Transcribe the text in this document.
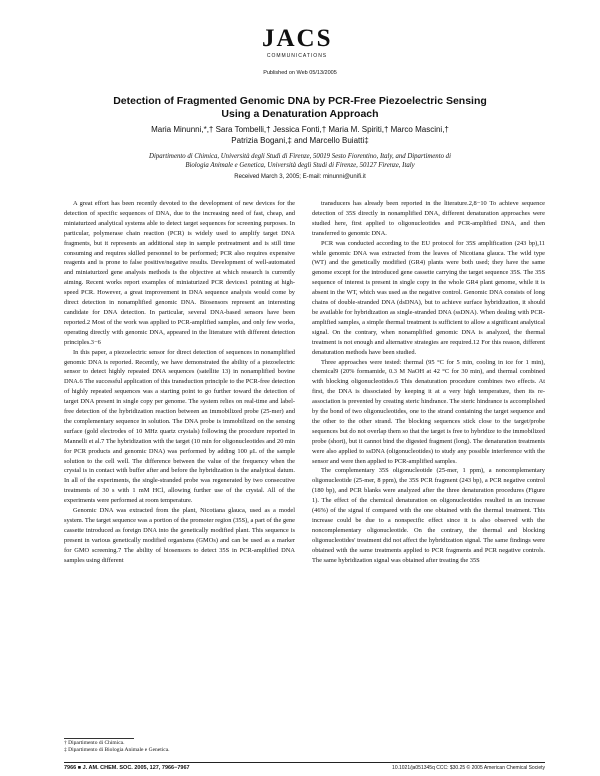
JACS
COMMUNICATIONS
Published on Web 05/13/2005
Detection of Fragmented Genomic DNA by PCR-Free Piezoelectric Sensing
Using a Denaturation Approach
Maria Minunni,*,† Sara Tombelli,† Jessica Fonti,† Maria M. Spiriti,† Marco Mascini,†
Patrizia Bogani,‡ and Marcello Buiatti‡
Dipartimento di Chimica, Università degli Studi di Firenze, 50019 Sesto Fiorentino, Italy, and Dipartimento di
Biologia Animale e Genetica, Università degli Studi di Firenze, 50127 Firenze, Italy
Received March 3, 2005; E-mail: minunni@unifi.it

A great effort has been recently devoted to the development of new devices for the detection of specific sequences of DNA, due to the increasing need of fast, cheap, and miniaturized analytical systems able to detect target sequences for screening purposes. In particular, polymerase chain reaction (PCR) is widely used to amplify target DNA fragments, but it represents an additional step in sample pretreatment and is still time consuming and requires skilled personnel to be performed; PCR also requires expensive reagents and is prone to false positive/negative results. Development of well-automated and miniaturized gene analysis methods is the objective at which research is currently aiming. Recent works report examples of miniaturized PCR devices1 pointing at high-speed PCR. However, a great improvement in DNA sequence analysis would come by direct detection in nonamplified genomic DNA. Biosensors represent an interesting candidate for DNA detection. In particular, several DNA-based sensors have been reported.2 Most of the work was applied to PCR-amplified samples, and only few works, operating directly with genomic DNA, appeared in the literature with different detection principles.3−6

In this paper, a piezoelectric sensor for direct detection of sequences in nonamplified genomic DNA is reported. Recently, we have demonstrated the ability of a piezoelectric sensor to detect highly repeated DNA sequences (satellite 13) in nonamplified bovine DNA.6 The successful application of this transduction principle to the PCR-free detection of highly repeated sequences was a starting point to go further toward the detection of target DNA present in single copy per genome. The system relies on real-time and label-free detection of the hybridization reaction between an immobilized probe (25-mer) and the complementary sequence in solution. The DNA probe is immobilized on the sensing surface (gold electrodes of 10 MHz quartz crystals) following the procedure reported in Mannelli et al.7 The hybridization with the target (10 min for oligonucleotides and 20 min for PCR products and genomic DNA) was performed by adding 100 μL of the sample solution to the cell well. The difference between the value of the frequency when the crystal is in contact with buffer after and before the hybridization is the analytical datum. In all of the experiments, the single-stranded probe was regenerated by two consecutive treatments of 30 s with 1 mM HCl, allowing further use of the crystal. All of the experiments were performed at room temperature.

Genomic DNA was extracted from the plant, Nicotiana glauca, used as a model system. The target sequence was a portion of the promoter region (35S), a part of the gene cassette introduced as foreign DNA into the genetically modified plant. This sequence is present in various genetically modified organisms (GMOs) and can be used as a marker for GMO screening.7 The ability of biosensors to detect 35S in PCR-amplified DNA samples using different

transducers has already been reported in the literature.2,8−10 To achieve sequence detection of 35S directly in nonamplified DNA, different denaturation approaches were studied here, first applied to oligonucleotides and PCR-amplified DNA, and then transferred to genomic DNA.

PCR was conducted according to the EU protocol for 35S amplification (243 bp),11 while genomic DNA was extracted from the leaves of Nicotiana glauca. The wild type (WT) and the genetically modified (GR4) plants were both used; they have the same genome except for the introduced gene cassette carrying the target sequence 35S. The 35S sequence of interest is present in single copy in the whole GR4 plant genome, while it is absent in the WT, which was used as the negative control. Genomic DNA consists of long chains of double-stranded DNA (dsDNA), but to achieve surface hybridization, it should be available for hybridization as single-stranded DNA (ssDNA). When dealing with PCR-amplified samples, a simple thermal treatment is sufficient to allow a significant analytical signal. On the contrary, when nonamplified genomic DNA is analyzed, the thermal treatment is not enough and alternative strategies are required.12 For this reason, different denaturation methods have been studied.

Three approaches were tested: thermal (95 °C for 5 min, cooling in ice for 1 min), chemical9 (20% formamide, 0.3 M NaOH at 42 °C for 30 min), and thermal combined with blocking oligonucleotides.6 This denaturation procedure combines two effects. At first, the DNA is dissociated by keeping it at a very high temperature, then its re-association is prevented by creating steric hindrance. The steric hindrance is accomplished by the bond of two oligonucleotides, one to the strand containing the target sequence and the other to the other strand. The blocking sequences stick close to the target/probe sequences but do not overlap them so that the target is free to hybridize to the immobilized probe (short), but it cannot bind the digested fragment (long). The denaturation treatments were also applied to ssDNA (oligonucleotides) to study any possible interference with the sensor and were then applied to PCR-amplified samples.

The complementary 35S oligonucleotide (25-mer, 1 ppm), a noncomplementary oligonucleotide (25-mer, 8 ppm), the 35S PCR fragment (243 bp), a PCR negative control (180 bp), and PCR blanks were analyzed after the three denaturation procedures (Figure 1). The effect of the chemical denaturation on oligonucleotides resulted in an increase (46%) of the signal if compared with the one obtained with the thermal treatment. This increase could be due to a nonspecific effect since it is also observed with the noncomplementary oligonucleotide. On the contrary, the thermal and blocking oligonucleotides' treatment did not affect the hybridization signal. The same findings were obtained with the same treatments applied to PCR fragments and PCR negative controls. The same hybridization signal was obtained after treating the 35S

† Dipartimento di Chimica.
‡ Dipartimento di Biologia Animale e Genetica.
7966 ■ J. AM. CHEM. SOC. 2005, 127, 7966−7967	10.1021/ja051345q CCC: $30.25 © 2005 American Chemical Society
